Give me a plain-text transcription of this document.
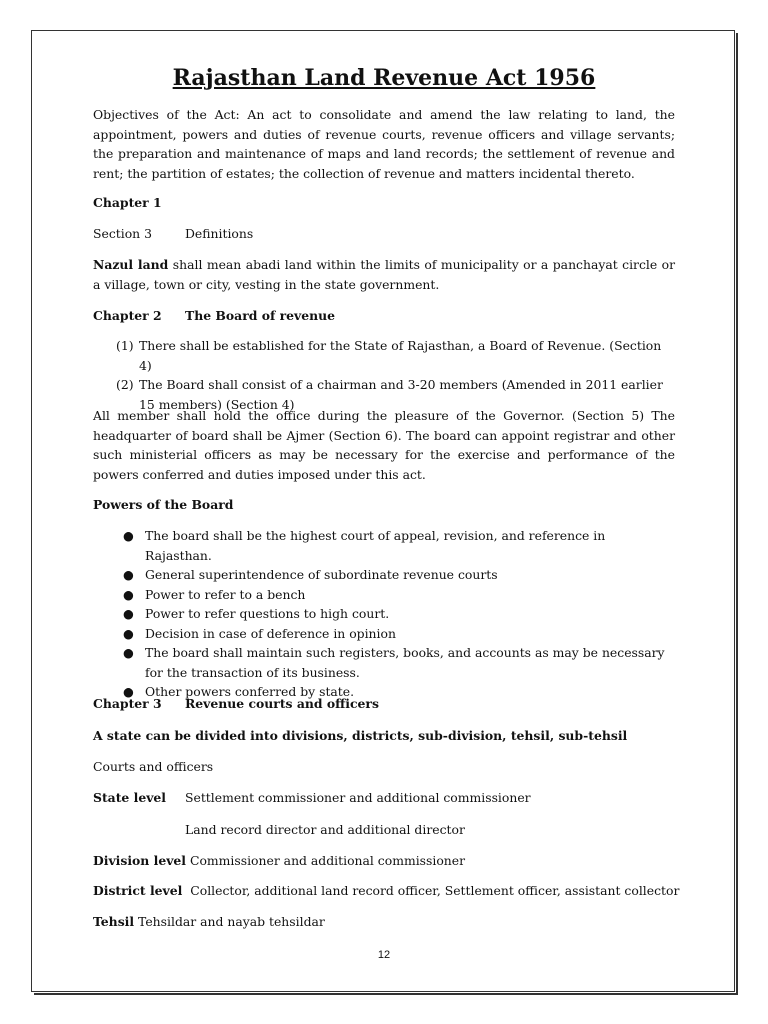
Rajasthan Land Revenue Act 1956

Objectives of the Act: An act to consolidate and amend the law relating to land, the appointment, powers and duties of revenue courts, revenue officers and village servants; the preparation and maintenance of maps and land records; the settlement of revenue and rent; the partition of estates; the collection of revenue and matters incidental thereto.

Chapter 1

Section 3	Definitions

Nazul land shall mean abadi land within the limits of municipality or a panchayat circle or a village, town or city, vesting in the state government.

Chapter 2 The Board of revenue

(1) There shall be established for the State of Rajasthan, a Board of Revenue. (Section 4)
(2) The Board shall consist of a chairman and 3-20 members (Amended in 2011 earlier 15 members) (Section 4)

All member shall hold the office during the pleasure of the Governor. (Section 5) The headquarter of board shall be Ajmer (Section 6). The board can appoint registrar and other such ministerial officers as may be necessary for the exercise and performance of the powers conferred and duties imposed under this act.

Powers of the Board

● The board shall be the highest court of appeal, revision, and reference in Rajasthan.
● General superintendence of subordinate revenue courts
● Power to refer to a bench
● Power to refer questions to high court.
● Decision in case of deference in opinion
● The board shall maintain such registers, books, and accounts as may be necessary for the transaction of its business.
● Other powers conferred by state.

Chapter 3 Revenue courts and officers

A state can be divided into divisions, districts, sub-division, tehsil, sub-tehsil

Courts and officers

State level Settlement commissioner and additional commissioner

Land record director and additional director

Division level Commissioner and additional commissioner

District level Collector, additional land record officer, Settlement officer, assistant collector

Tehsil Tehsildar and nayab tehsildar

12
